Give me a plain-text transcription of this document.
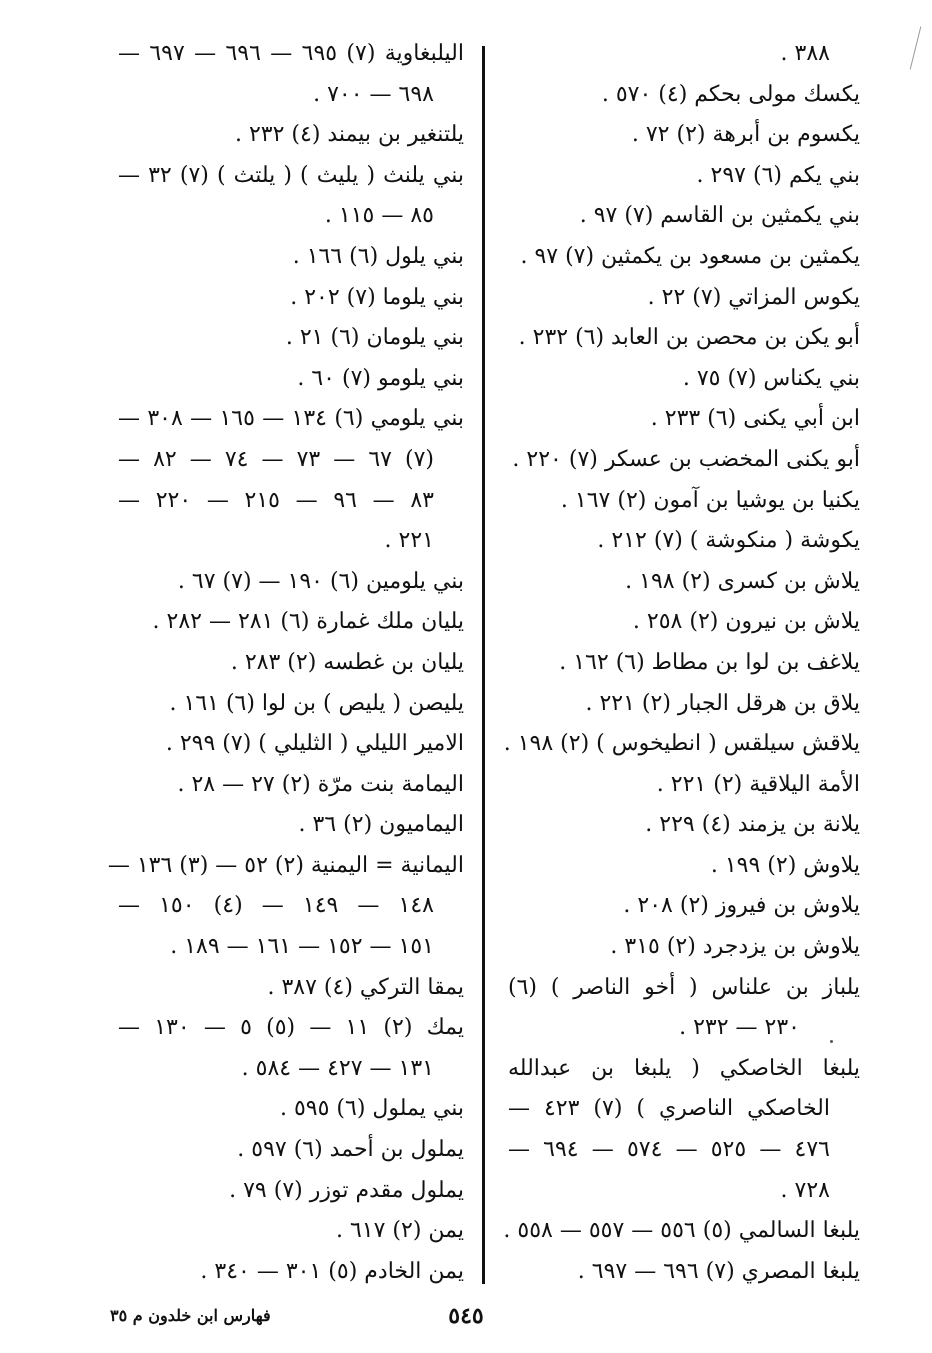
٣٨٨ .
يكسك مولى بحكم (٤) ٥٧٠ .
يكسوم بن أبرهة (٢) ٧٢ .
بني يكم (٦) ٢٩٧ .
بني يكمثين بن القاسم (٧) ٩٧ .
يكمثين بن مسعود بن يكمثين (٧) ٩٧ .
يكوس المزاتي (٧) ٢٢ .
أبو يكن بن محصن بن العابد (٦) ٢٣٢ .
بني يكناس (٧) ٧٥ .
ابن أبي يكنى (٦) ٢٣٣ .
أبو يكنى المخضب بن عسكر (٧) ٢٢٠ .
يكنيا بن يوشيا بن آمون (٢) ١٦٧ .
يكوشة ( منكوشة ) (٧) ٢١٢ .
يلاش بن كسرى (٢) ١٩٨ .
يلاش بن نيرون (٢) ٢٥٨ .
يلاغف بن لوا بن مطاط (٦) ١٦٢ .
يلاق بن هرقل الجبار (٢) ٢٢١ .
يلاقش سيلقس ( انطيخوس ) (٢) ١٩٨ .
الأمة اليلاقية (٢) ٢٢١ .
يلانة بن يزمند (٤) ٢٢٩ .
يلاوش (٢) ١٩٩ .
يلاوش بن فيروز (٢) ٢٠٨ .
يلاوش بن يزدجرد (٢) ٣١٥ .
يلباز بن علناس ( أخو الناصر ) (٦)
٢٣٠ — ٢٣٢ .
يلبغا الخاصكي ( يلبغا بن عبدالله
الخاصكي الناصري ) (٧) ٤٢٣ —
٤٧٦ — ٥٢٥ — ٥٧٤ — ٦٩٤ —
٧٢٨ .
يلبغا السالمي (٥) ٥٥٦ — ٥٥٧ — ٥٥٨ .
يلبغا المصري (٧) ٦٩٦ — ٦٩٧ .
اليلبغاوية (٧) ٦٩٥ — ٦٩٦ — ٦٩٧ —
٦٩٨ — ٧٠٠ .
يلتنغير بن بيمند (٤) ٢٣٢ .
بني يلنث ( يليث ) ( يلتث ) (٧) ٣٢ —
٨٥ — ١١٥ .
بني يلول (٦) ١٦٦ .
بني يلوما (٧) ٢٠٢ .
بني يلومان (٦) ٢١ .
بني يلومو (٧) ٦٠ .
بني يلومي (٦) ١٣٤ — ١٦٥ — ٣٠٨ —
(٧) ٦٧ — ٧٣ — ٧٤ — ٨٢ —
٨٣ — ٩٦ — ٢١٥ — ٢٢٠ —
٢٢١ .
بني يلومين (٦) ١٩٠ — (٧) ٦٧ .
يليان ملك غمارة (٦) ٢٨١ — ٢٨٢ .
يليان بن غطسه (٢) ٢٨٣ .
يليصن ( يليص ) بن لوا (٦) ١٦١ .
الامير الليلي ( الثليلي ) (٧) ٢٩٩ .
اليمامة بنت مرّة (٢) ٢٧ — ٢٨ .
اليماميون (٢) ٣٦ .
اليمانية = اليمنية (٢) ٥٢ — (٣) ١٣٦ —
١٤٨ — ١٤٩ — (٤) ١٥٠ —
١٥١ — ١٥٢ — ١٦١ — ١٨٩ .
يمقا التركي (٤) ٣٨٧ .
يمك (٢) ١١ — (٥) ٥ — ١٣٠ —
١٣١ — ٤٢٧ — ٥٨٤ .
بني يملول (٦) ٥٩٥ .
يملول بن أحمد (٦) ٥٩٧ .
يملول مقدم توزر (٧) ٧٩ .
يمن (٢) ٦١٧ .
يمن الخادم (٥) ٣٠١ — ٣٤٠ .
٥٤٥
فهارس ابن خلدون م ٣٥
